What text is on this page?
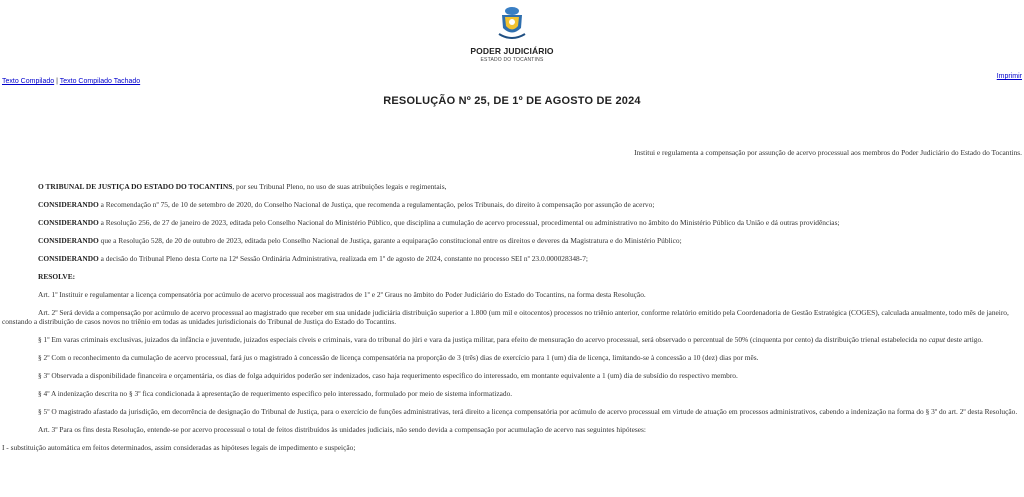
PODER JUDICIÁRIO
ESTADO DO TOCANTINS
Texto Compilado | Texto Compilado Tachado
Imprimir
RESOLUÇÃO Nº 25, DE 1º DE AGOSTO DE 2024
Institui e regulamenta a compensação por assunção de acervo processual aos membros do Poder Judiciário do Estado do Tocantins.

O TRIBUNAL DE JUSTIÇA DO ESTADO DO TOCANTINS, por seu Tribunal Pleno, no uso de suas atribuições legais e regimentais,

CONSIDERANDO a Recomendação nº 75, de 10 de setembro de 2020, do Conselho Nacional de Justiça, que recomenda a regulamentação, pelos Tribunais, do direito à compensação por assunção de acervo;

CONSIDERANDO a Resolução 256, de 27 de janeiro de 2023, editada pelo Conselho Nacional do Ministério Público, que disciplina a cumulação de acervo processual, procedimental ou administrativo no âmbito do Ministério Público da União e dá outras providências;

CONSIDERANDO que a Resolução 528, de 20 de outubro de 2023, editada pelo Conselho Nacional de Justiça, garante a equiparação constitucional entre os direitos e deveres da Magistratura e do Ministério Público;

CONSIDERANDO a decisão do Tribunal Pleno desta Corte na 12ª Sessão Ordinária Administrativa, realizada em 1º de agosto de 2024, constante no processo SEI nº 23.0.000028348-7;

RESOLVE:

Art. 1º Instituir e regulamentar a licença compensatória por acúmulo de acervo processual aos magistrados de 1º e 2º Graus no âmbito do Poder Judiciário do Estado do Tocantins, na forma desta Resolução.

Art. 2º Será devida a compensação por acúmulo de acervo processual ao magistrado que receber em sua unidade judiciária distribuição superior a 1.800 (um mil e oitocentos) processos no triênio anterior, conforme relatório emitido pela Coordenadoria de Gestão Estratégica (COGES), calculada anualmente, todo mês de janeiro, constando a distribuição de casos novos no triênio em todas as unidades jurisdicionais do Tribunal de Justiça do Estado do Tocantins.

§ 1º Em varas criminais exclusivas, juizados da infância e juventude, juizados especiais cíveis e criminais, vara do tribunal do júri e vara da justiça militar, para efeito de mensuração do acervo processual, será observado o percentual de 50% (cinquenta por cento) da distribuição trienal estabelecida no caput deste artigo.

§ 2º Com o reconhecimento da cumulação de acervo processual, fará jus o magistrado à concessão de licença compensatória na proporção de 3 (três) dias de exercício para 1 (um) dia de licença, limitando-se à concessão a 10 (dez) dias por mês.

§ 3º Observada a disponibilidade financeira e orçamentária, os dias de folga adquiridos poderão ser indenizados, caso haja requerimento específico do interessado, em montante equivalente a 1 (um) dia de subsídio do respectivo membro.

§ 4º A indenização descrita no § 3º fica condicionada à apresentação de requerimento específico pelo interessado, formulado por meio de sistema informatizado.

§ 5º O magistrado afastado da jurisdição, em decorrência de designação do Tribunal de Justiça, para o exercício de funções administrativas, terá direito a licença compensatória por acúmulo de acervo processual em virtude de atuação em processos administrativos, cabendo a indenização na forma do § 3º do art. 2º desta Resolução.

Art. 3º Para os fins desta Resolução, entende-se por acervo processual o total de feitos distribuídos às unidades judiciais, não sendo devida a compensação por acumulação de acervo nas seguintes hipóteses:

I - substituição automática em feitos determinados, assim consideradas as hipóteses legais de impedimento e suspeição;
